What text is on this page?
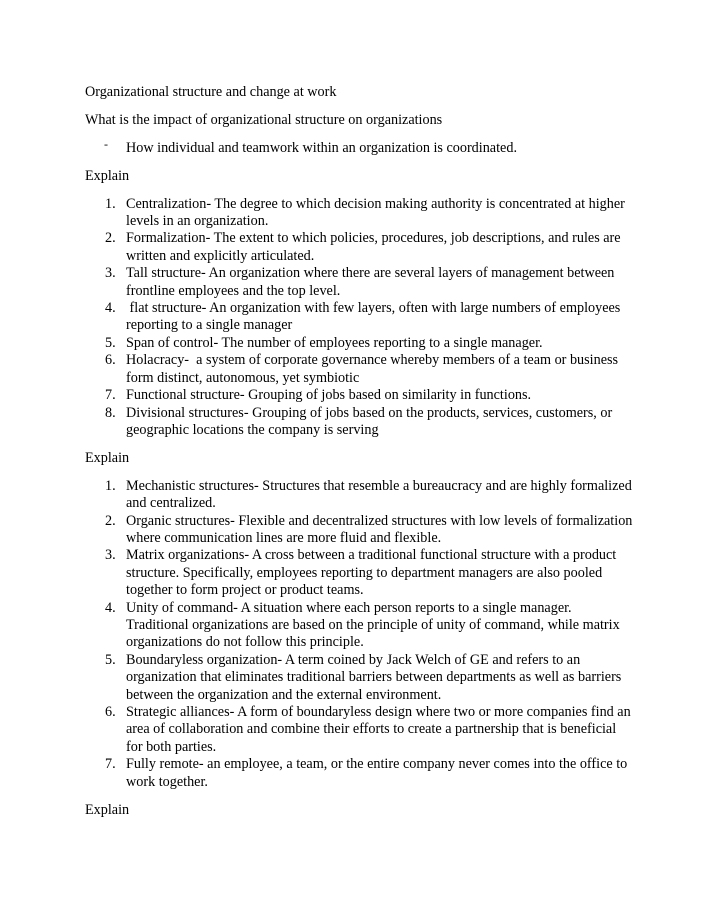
Organizational structure and change at work

What is the impact of organizational structure on organizations

- How individual and teamwork within an organization is coordinated.

Explain

1. Centralization- The degree to which decision making authority is concentrated at higher levels in an organization.
2. Formalization- The extent to which policies, procedures, job descriptions, and rules are written and explicitly articulated.
3. Tall structure- An organization where there are several layers of management between frontline employees and the top level.
4. flat structure- An organization with few layers, often with large numbers of employees reporting to a single manager
5. Span of control- The number of employees reporting to a single manager.
6. Holacracy-  a system of corporate governance whereby members of a team or business form distinct, autonomous, yet symbiotic
7. Functional structure- Grouping of jobs based on similarity in functions.
8. Divisional structures- Grouping of jobs based on the products, services, customers, or geographic locations the company is serving

Explain

1. Mechanistic structures- Structures that resemble a bureaucracy and are highly formalized and centralized.
2. Organic structures- Flexible and decentralized structures with low levels of formalization where communication lines are more fluid and flexible.
3. Matrix organizations- A cross between a traditional functional structure with a product structure. Specifically, employees reporting to department managers are also pooled together to form project or product teams.
4. Unity of command- A situation where each person reports to a single manager. Traditional organizations are based on the principle of unity of command, while matrix organizations do not follow this principle.
5. Boundaryless organization- A term coined by Jack Welch of GE and refers to an organization that eliminates traditional barriers between departments as well as barriers between the organization and the external environment.
6. Strategic alliances- A form of boundaryless design where two or more companies find an area of collaboration and combine their efforts to create a partnership that is beneficial for both parties.
7. Fully remote- an employee, a team, or the entire company never comes into the office to work together.

Explain
